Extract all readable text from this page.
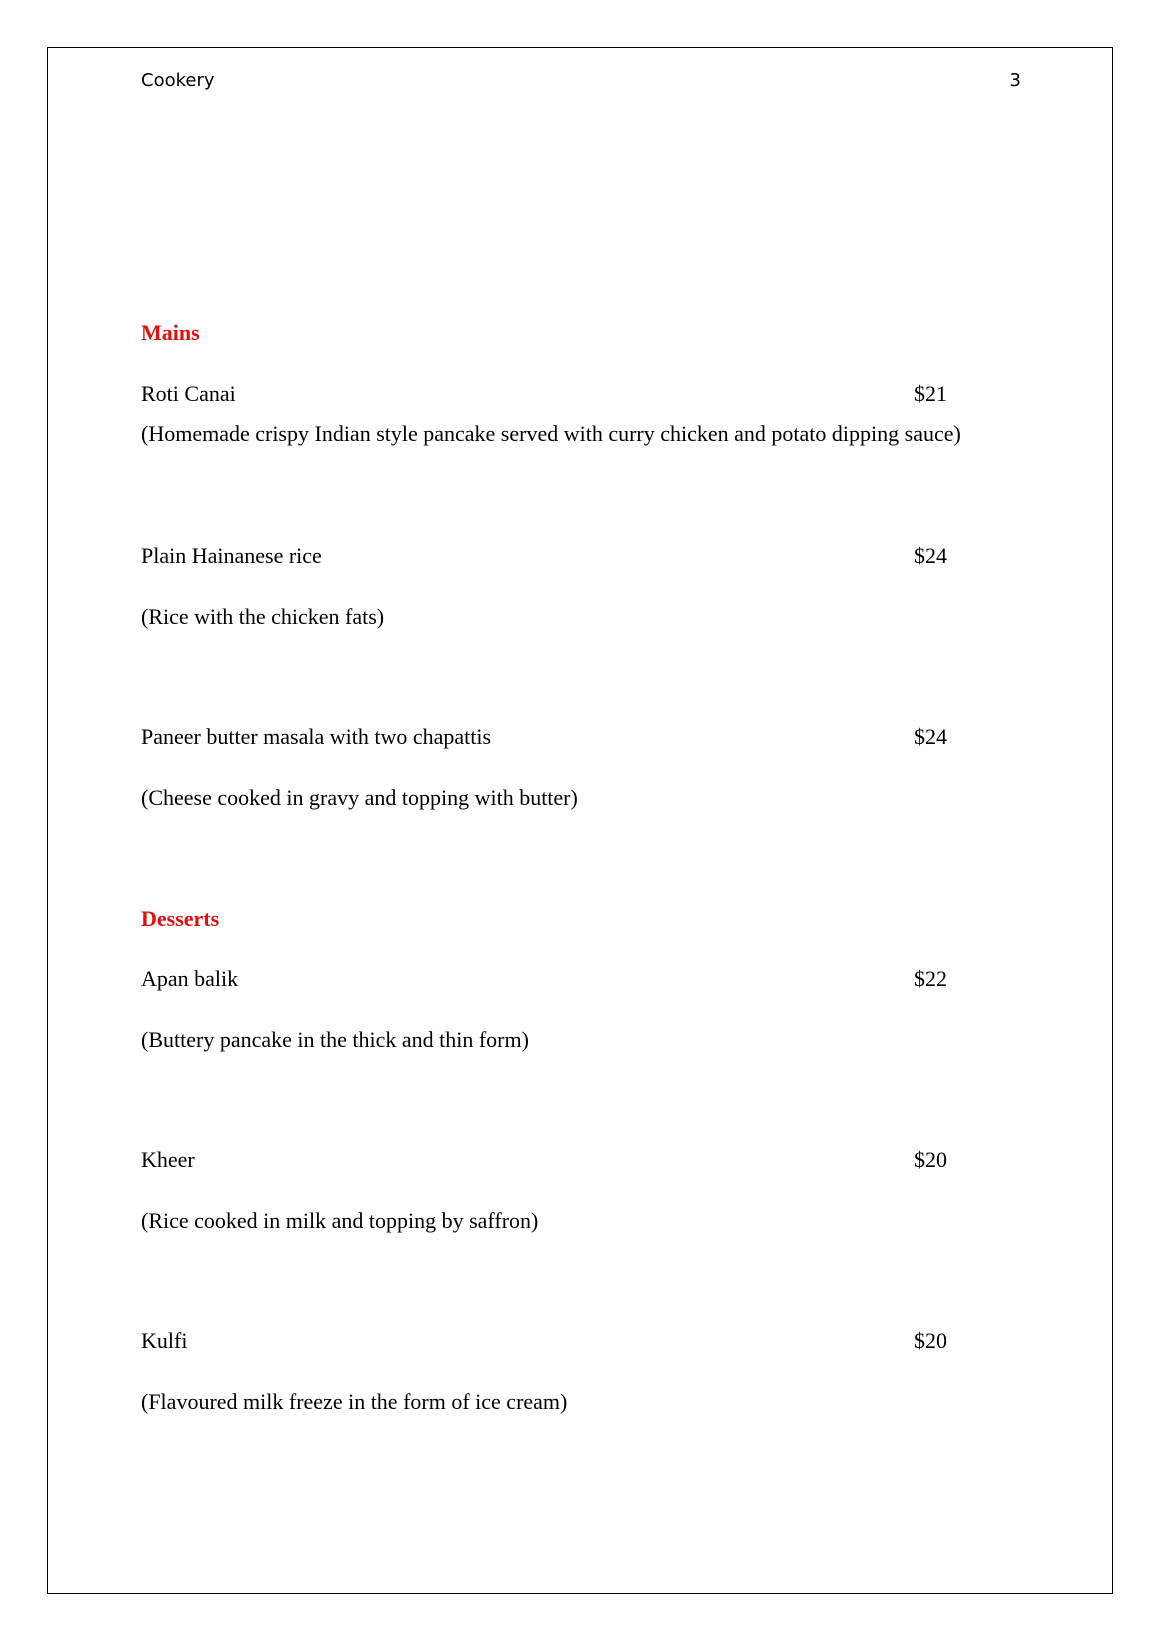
Cookery	3
Mains
Roti Canai	$21
(Homemade crispy Indian style pancake served with curry chicken and potato dipping sauce)
Plain Hainanese rice	$24
(Rice with the chicken fats)
Paneer butter masala with two chapattis	$24
(Cheese cooked in gravy and topping with butter)
Desserts
Apan balik	$22
(Buttery pancake in the thick and thin form)
Kheer	$20
(Rice cooked in milk and topping by saffron)
Kulfi	$20
(Flavoured milk freeze in the form of ice cream)
